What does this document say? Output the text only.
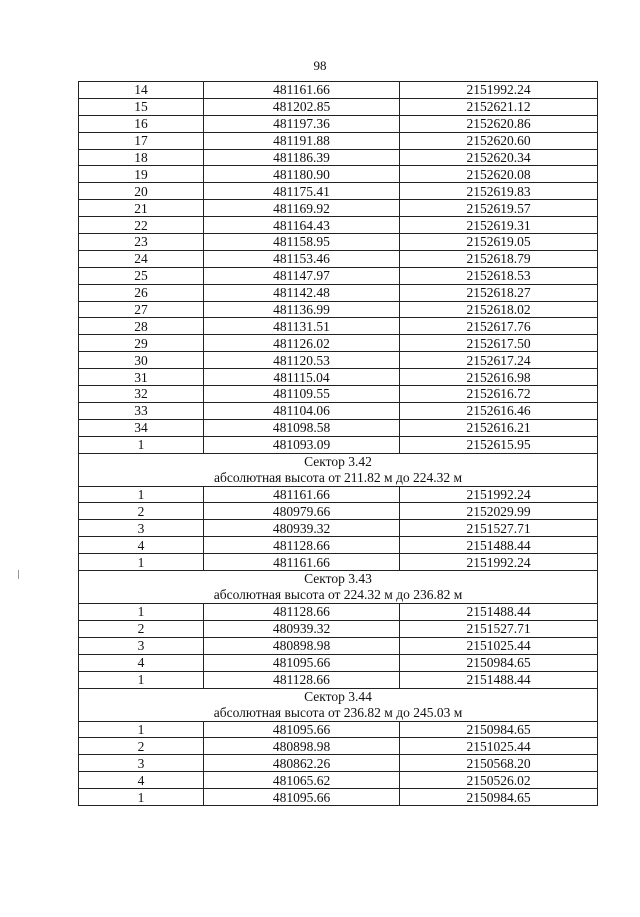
98
14	481161.66	2151992.24
15	481202.85	2152621.12
16	481197.36	2152620.86
17	481191.88	2152620.60
18	481186.39	2152620.34
19	481180.90	2152620.08
20	481175.41	2152619.83
21	481169.92	2152619.57
22	481164.43	2152619.31
23	481158.95	2152619.05
24	481153.46	2152618.79
25	481147.97	2152618.53
26	481142.48	2152618.27
27	481136.99	2152618.02
28	481131.51	2152617.76
29	481126.02	2152617.50
30	481120.53	2152617.24
31	481115.04	2152616.98
32	481109.55	2152616.72
33	481104.06	2152616.46
34	481098.58	2152616.21
1	481093.09	2152615.95

Сектор 3.42
абсолютная высота от 211.82 м до 224.32 м		

1	481161.66	2151992.24
2	480979.66	2152029.99
3	480939.32	2151527.71
4	481128.66	2151488.44
1	481161.66	2151992.24

Сектор 3.43
абсолютная высота от 224.32 м до 236.82 м		

1	481128.66	2151488.44
2	480939.32	2151527.71
3	480898.98	2151025.44
4	481095.66	2150984.65
1	481128.66	2151488.44

Сектор 3.44
абсолютная высота от 236.82 м до 245.03 м		

1	481095.66	2150984.65
2	480898.98	2151025.44
3	480862.26	2150568.20
4	481065.62	2150526.02
1	481095.66	2150984.65
